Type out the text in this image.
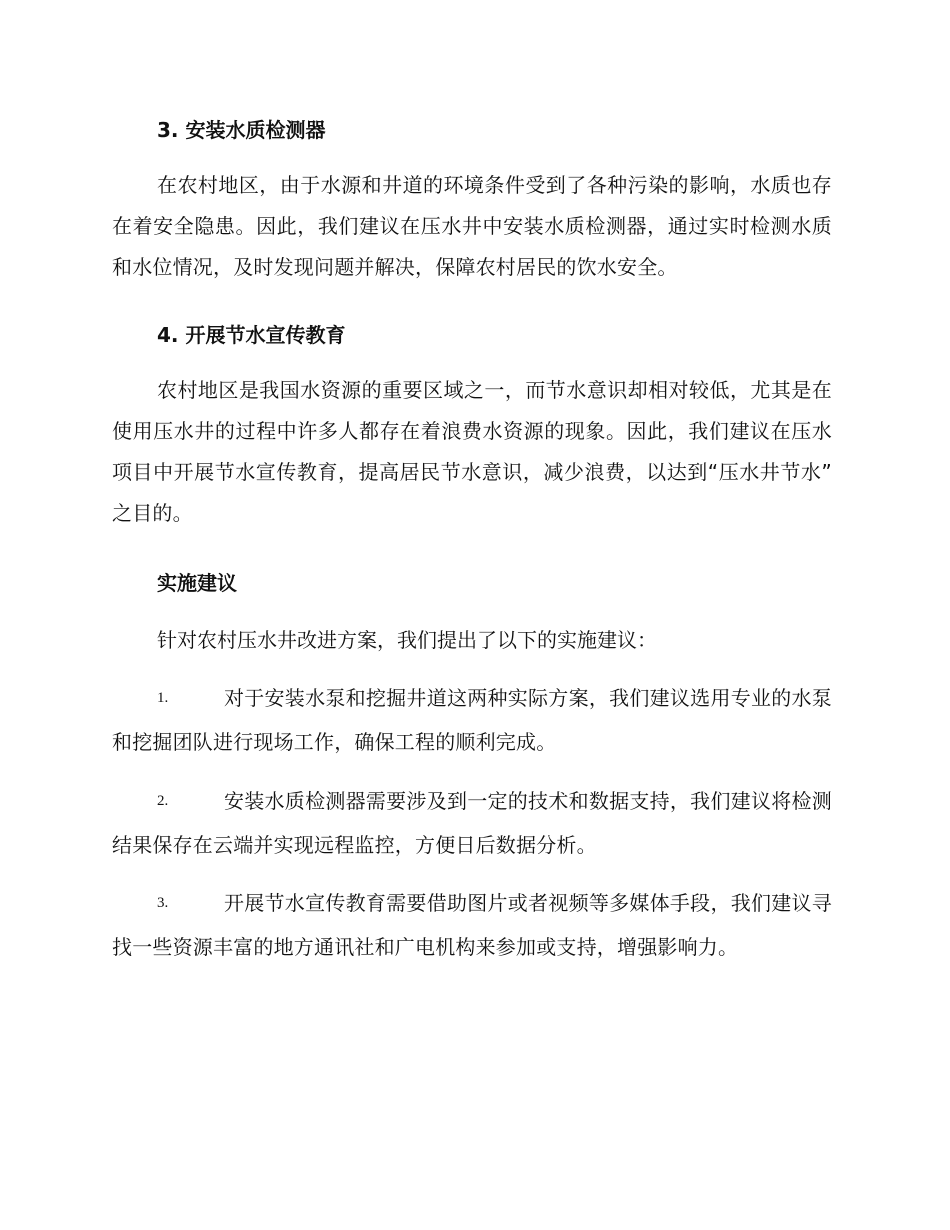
3. 安装水质检测器

在农村地区，由于水源和井道的环境条件受到了各种污染的影响，水质也存在着安全隐患。因此，我们建议在压水井中安装水质检测器，通过实时检测水质和水位情况，及时发现问题并解决，保障农村居民的饮水安全。

4. 开展节水宣传教育

农村地区是我国水资源的重要区域之一，而节水意识却相对较低，尤其是在使用压水井的过程中许多人都存在着浪费水资源的现象。因此，我们建议在压水项目中开展节水宣传教育，提高居民节水意识，减少浪费，以达到“压水井节水” 之目的。

实施建议
针对农村压水井改进方案，我们提出了以下的实施建议：
1.	对于安装水泵和挖掘井道这两种实际方案，我们建议选用专业的水泵和挖掘团队进行现场工作，确保工程的顺利完成。

2.	安装水质检测器需要涉及到一定的技术和数据支持，我们建议将检测结果保存在云端并实现远程监控，方便日后数据分析。

3.	开展节水宣传教育需要借助图片或者视频等多媒体手段，我们建议寻找一些资源丰富的地方通讯社和广电机构来参加或支持，增强影响力。
